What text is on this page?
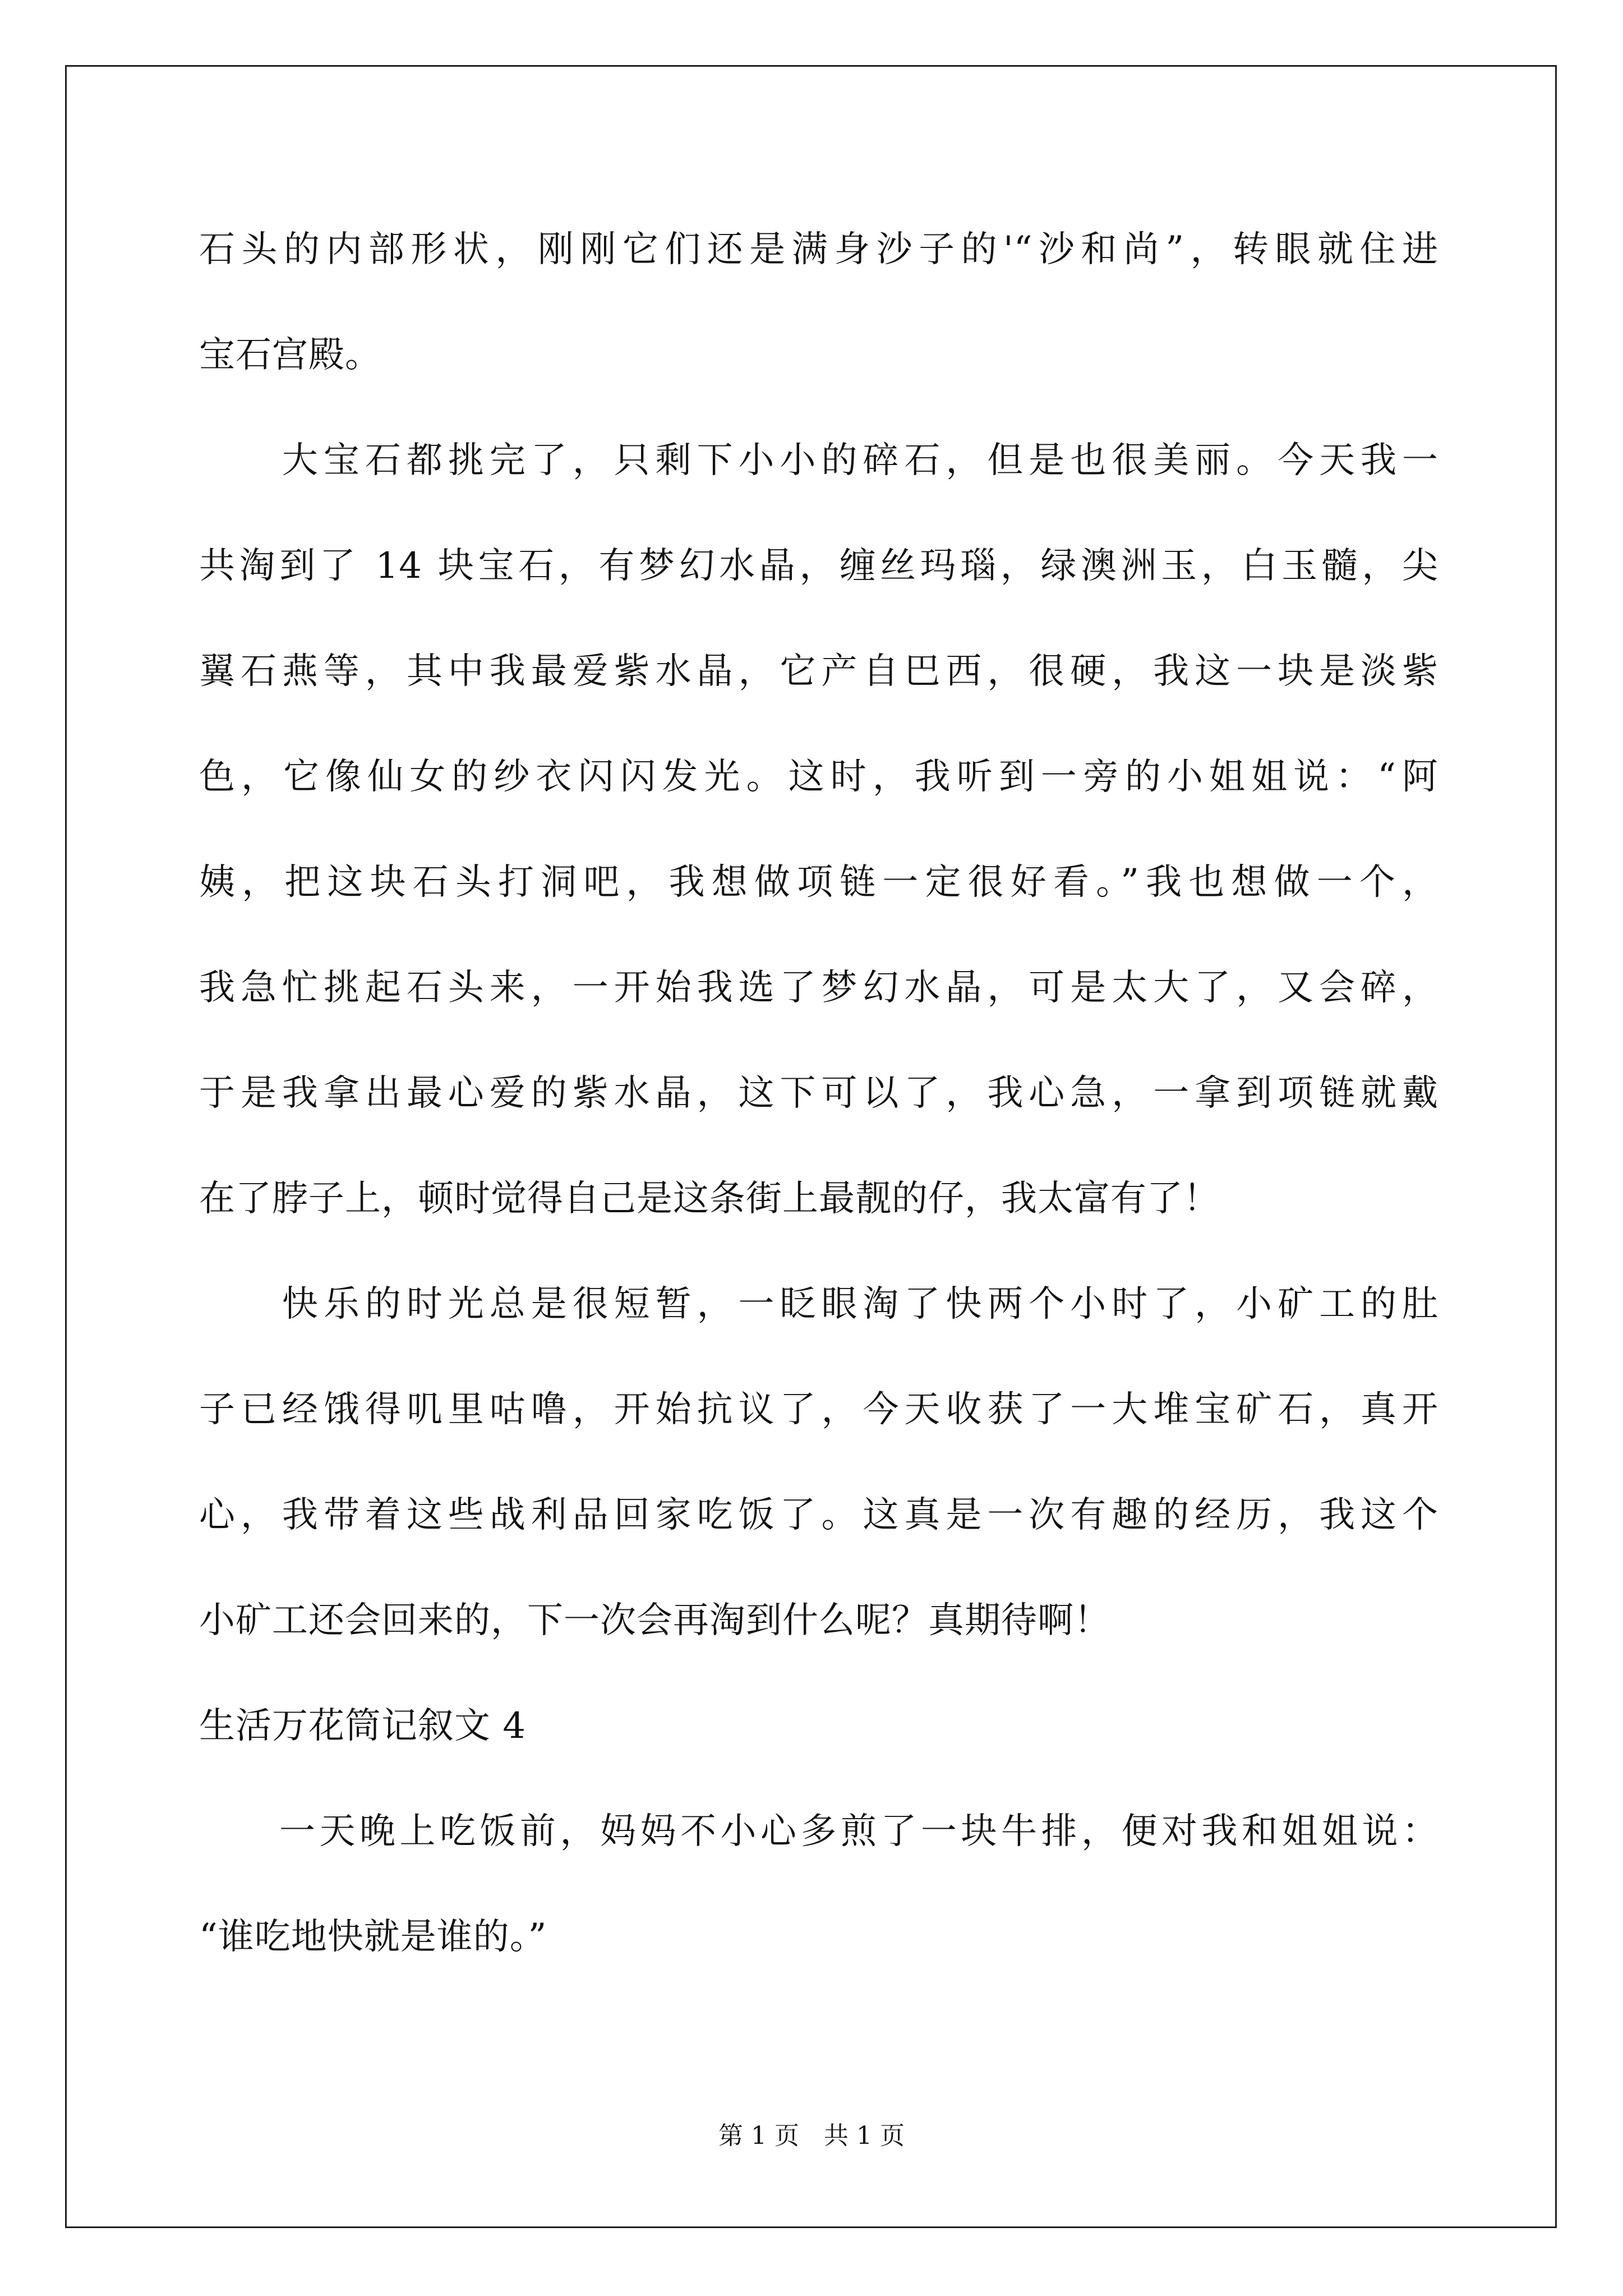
石头的内部形状，刚刚它们还是满身沙子的'“沙和尚”，转眼就住进
宝石宫殿。
　　大宝石都挑完了，只剩下小小的碎石，但是也很美丽。今天我一
共淘到了 14 块宝石，有梦幻水晶，缠丝玛瑙，绿澳洲玉，白玉髓，尖
翼石燕等，其中我最爱紫水晶，它产自巴西，很硬，我这一块是淡紫
色，它像仙女的纱衣闪闪发光。这时，我听到一旁的小姐姐说：“阿
姨，把这块石头打洞吧，我想做项链一定很好看。”我也想做一个，
我急忙挑起石头来，一开始我选了梦幻水晶，可是太大了，又会碎，
于是我拿出最心爱的紫水晶，这下可以了，我心急，一拿到项链就戴
在了脖子上，顿时觉得自己是这条街上最靓的仔，我太富有了！
　　快乐的时光总是很短暂，一眨眼淘了快两个小时了，小矿工的肚
子已经饿得叽里咕噜，开始抗议了，今天收获了一大堆宝矿石，真开
心，我带着这些战利品回家吃饭了。这真是一次有趣的经历，我这个
小矿工还会回来的，下一次会再淘到什么呢？真期待啊！
生活万花筒记叙文 4
　　一天晚上吃饭前，妈妈不小心多煎了一块牛排，便对我和姐姐说：
“谁吃地快就是谁的。”
第 1 页　共 1 页
